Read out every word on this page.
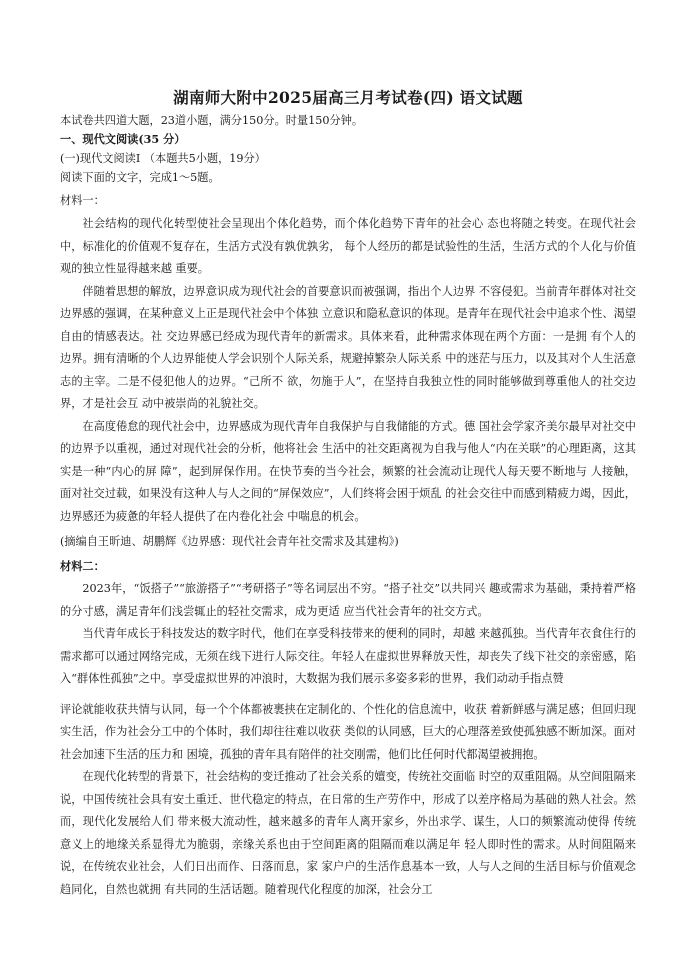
湖南师大附中2025届高三月考试卷(四) 语文试题

本试卷共四道大题，23道小题，满分150分。时量150分钟。

一、现代文阅读(35 分）

(一)现代文阅读Ⅰ （本题共5小题，19分）

阅读下面的文字，完成1～5题。

材料一：

社会结构的现代化转型使社会呈现出个体化趋势，而个体化趋势下青年的社会心 态也将随之转变。在现代社会中，标准化的价值观不复存在，生活方式没有孰优孰劣， 每个人经历的都是试验性的生活，生活方式的个人化与价值观的独立性显得越来越 重要。

伴随着思想的解放，边界意识成为现代社会的首要意识而被强调，指出个人边界 不容侵犯。当前青年群体对社交边界感的强调，在某种意义上正是现代社会中个体独 立意识和隐私意识的体现。是青年在现代社会中追求个性、渴望自由的情感表达。社 交边界感已经成为现代青年的新需求。具体来看，此种需求体现在两个方面：一是拥 有个人的边界。拥有清晰的个人边界能使人学会识别个人际关系，规避掉繁杂人际关系 中的迷茫与压力，以及其对个人生活意志的主宰。二是不侵犯他人的边界。“己所不 欲，勿施于人”，在坚持自我独立性的同时能够做到尊重他人的社交边界，才是社会互 动中被崇尚的礼貌社交。

在高度倦怠的现代社会中，边界感成为现代青年自我保护与自我储能的方式。德 国社会学家齐美尔最早对社交中的边界予以重视，通过对现代社会的分析，他将社会 生活中的社交距离视为自我与他人“内在关联”的心理距离，这其实是一种“内心的屏 障”，起到屏保作用。在快节奏的当今社会，频繁的社会流动让现代人每天要不断地与 人接触，面对社交过载，如果没有这种人与人之间的“屏保效应”，人们终将会困于烦乱 的社会交往中而感到精疲力竭，因此，边界感还为疲惫的年轻人提供了在内卷化社会 中喘息的机会。

(摘编自王昕迪、胡鹏辉《边界感：现代社会青年社交需求及其建构》)

材料二：

2023年，“饭搭子”“旅游搭子”“考研搭子”等名词层出不穷。“搭子社交”以共同兴 趣或需求为基础，秉持着严格的分寸感，满足青年们浅尝辄止的轻社交需求，成为更适 应当代社会青年的社交方式。

当代青年成长于科技发达的数字时代，他们在享受科技带来的便利的同时，却越 来越孤独。当代青年衣食住行的需求都可以通过网络完成，无须在线下进行人际交往。年轻人在虚拟世界释放天性，却丧失了线下社交的亲密感，陷入“群体性孤独”之中。享受虚拟世界的冲浪时，大数据为我们展示多姿多彩的世界，我们动动手指点赞

评论就能收获共情与认同，每一个个体都被裹挟在定制化的、个性化的信息流中，收获 着新鲜感与满足感；但回归现实生活，作为社会分工中的个体时，我们却往往难以收获 类似的认同感，巨大的心理落差致使孤独感不断加深。面对社会加速下生活的压力和 困境，孤独的青年具有陪伴的社交刚需，他们比任何时代都渴望被拥抱。

在现代化转型的背景下，社会结构的变迁推动了社会关系的嬗变，传统社交面临 时空的双重阻隔。从空间阻隔来说，中国传统社会具有安土重迁、世代稳定的特点，在日常的生产劳作中，形成了以差序格局为基础的熟人社会。然而，现代化发展给人们 带来极大流动性，越来越多的青年人离开家乡，外出求学、谋生，人口的频繁流动使得 传统意义上的地缘关系显得尤为脆弱，亲缘关系也由于空间距离的阻隔而难以满足年 轻人即时性的需求。从时间阻隔来说，在传统农业社会，人们日出而作、日落而息，家 家户户的生活作息基本一致，人与人之间的生活目标与价值观念趋同化，自然也就拥 有共同的生活话题。随着现代化程度的加深，社会分工
